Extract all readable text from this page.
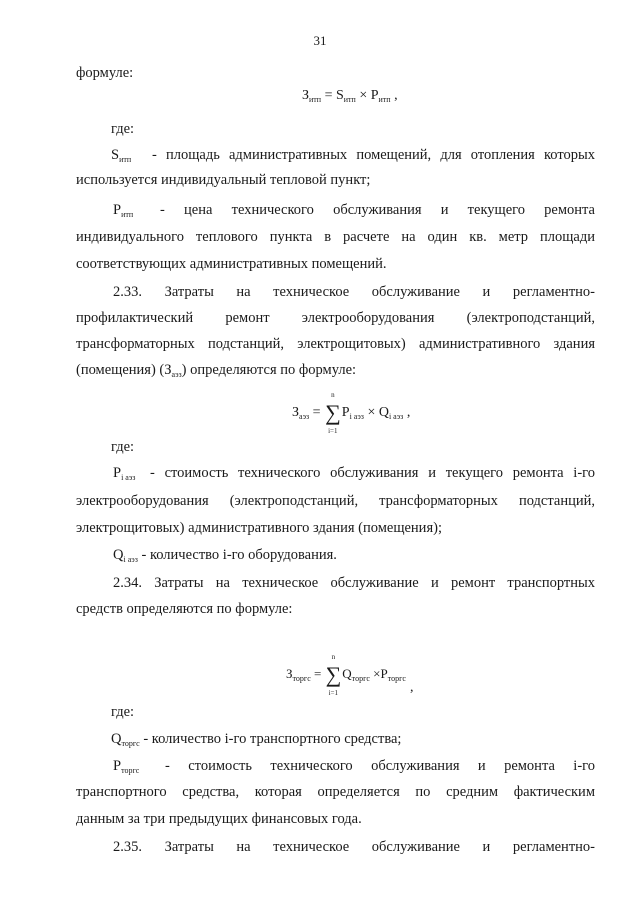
31
формуле:
$З_{итп} = S_{итп} \times Р_{итп}$ ,
где:
$S_{итп}$ - площадь административных помещений, для отопления которых
используется индивидуальный тепловой пункт;
$Р_{итп}$ - цена технического обслуживания и текущего ремонта
индивидуального теплового пункта в расчете на один кв. метр площади
соответствующих административных помещений.
2.33. Затраты на техническое обслуживание и регламентно-
профилактический ремонт электрооборудования (электроподстанций,
трансформаторных подстанций, электрощитовых) административного здания
(помещения) $(З_{аэз})$ определяются по формуле:
$З_{аэз}$ = ∑
n
i=1
$Р_{i аэз} \times Q_{i аэз}$ ,
где:
$Р_{i аэз}$ - стоимость технического обслуживания и текущего ремонта i-го
электрооборудования (электроподстанций, трансформаторных подстанций,
электрощитовых) административного здания (помещения);
$Q_{i аэз}$ - количество i-го оборудования.
2.34. Затраты на техническое обслуживание и ремонт транспортных
средств определяются по формуле:
$З_{торгс}$ = ∑
n
i=1
$Q_{торгс} \times Р_{торгс}$
,
где:
$Q_{торгс}$ - количество i-го транспортного средства;
$Р_{торгс}$ - стоимость технического обслуживания и ремонта i-го
транспортного средства, которая определяется по средним фактическим
данным за три предыдущих финансовых года.
2.35. Затраты на техническое обслуживание и регламентно-
